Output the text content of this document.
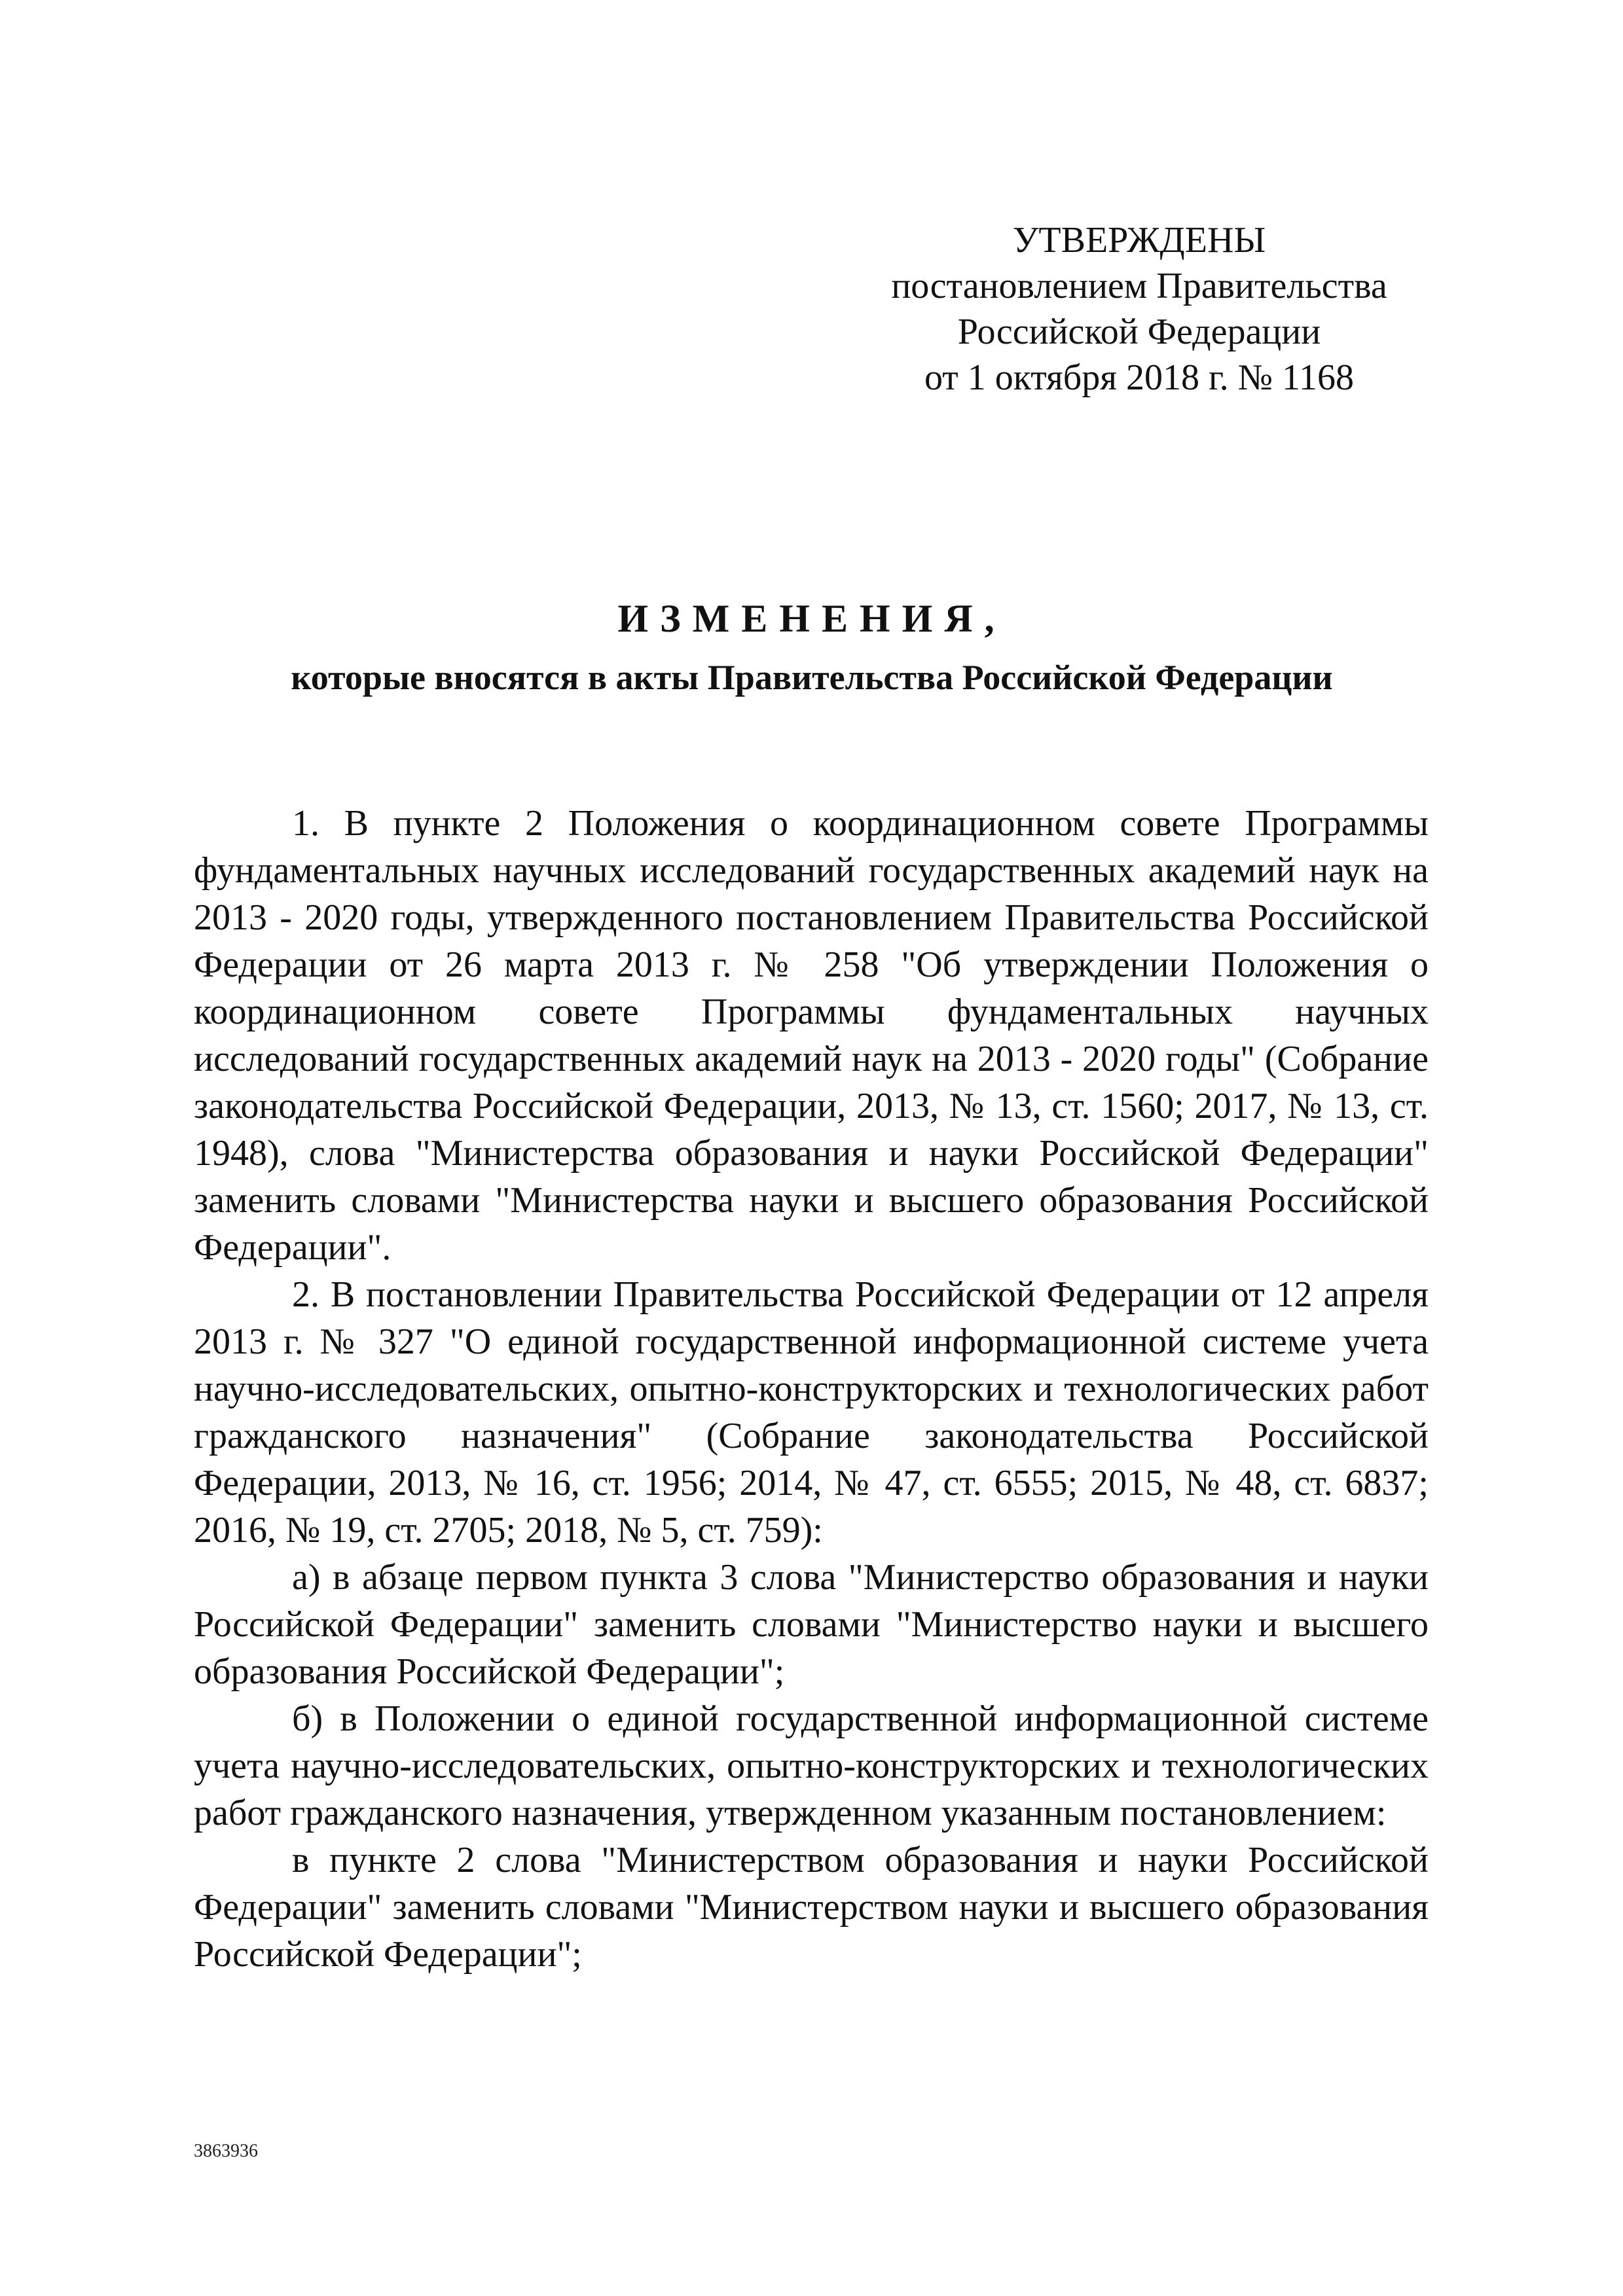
УТВЕРЖДЕНЫ
постановлением Правительства
Российской Федерации
от 1 октября 2018 г. № 1168
ИЗМЕНЕНИЯ,
которые вносятся в акты Правительства Российской Федерации

1. В пункте 2 Положения о координационном совете Программы фундаментальных научных исследований государственных академий наук на 2013 - 2020 годы, утвержденного постановлением Правительства Российской Федерации от 26 марта 2013 г. № 258 "Об утверждении Положения о координационном совете Программы фундаментальных научных исследований государственных академий наук на 2013 - 2020 годы" (Собрание законодательства Российской Федерации, 2013, № 13, ст. 1560; 2017, № 13, ст. 1948), слова "Министерства образования и науки Российской Федерации" заменить словами "Министерства науки и высшего образования Российской Федерации".

2. В постановлении Правительства Российской Федерации от 12 апреля 2013 г. № 327 "О единой государственной информационной системе учета научно-исследовательских, опытно-конструкторских и технологических работ гражданского назначения" (Собрание законодательства Российской Федерации, 2013, № 16, ст. 1956; 2014, № 47, ст. 6555; 2015, № 48, ст. 6837; 2016, № 19, ст. 2705; 2018, № 5, ст. 759):

а) в абзаце первом пункта 3 слова "Министерство образования и науки Российской Федерации" заменить словами "Министерство науки и высшего образования Российской Федерации";

б) в Положении о единой государственной информационной системе учета научно-исследовательских, опытно-конструкторских и технологических работ гражданского назначения, утвержденном указанным постановлением:

в пункте 2 слова "Министерством образования и науки Российской Федерации" заменить словами "Министерством науки и высшего образования Российской Федерации";

3863936
